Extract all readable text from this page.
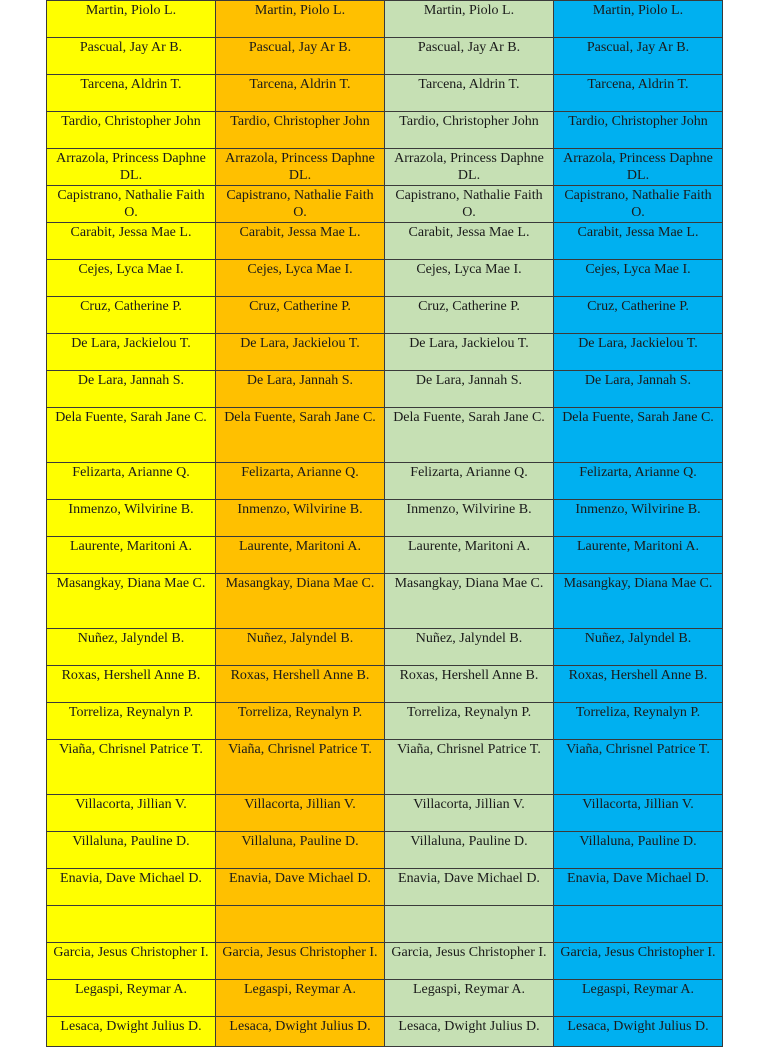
Martin, Piolo L.	Martin, Piolo L.	Martin, Piolo L.	Martin, Piolo L.
Pascual, Jay Ar B.	Pascual, Jay Ar B.	Pascual, Jay Ar B.	Pascual, Jay Ar B.
Tarcena, Aldrin T.	Tarcena, Aldrin T.	Tarcena, Aldrin T.	Tarcena, Aldrin T.
Tardio, Christopher John	Tardio, Christopher John	Tardio, Christopher John	Tardio, Christopher John
Arrazola, Princess Daphne DL.	Arrazola, Princess Daphne DL.	Arrazola, Princess Daphne DL.	Arrazola, Princess Daphne DL.
Capistrano, Nathalie Faith O.	Capistrano, Nathalie Faith O.	Capistrano, Nathalie Faith O.	Capistrano, Nathalie Faith O.
Carabit, Jessa Mae L.	Carabit, Jessa Mae L.	Carabit, Jessa Mae L.	Carabit, Jessa Mae L.
Cejes, Lyca Mae I.	Cejes, Lyca Mae I.	Cejes, Lyca Mae I.	Cejes, Lyca Mae I.
Cruz, Catherine P.	Cruz, Catherine P.	Cruz, Catherine P.	Cruz, Catherine P.
De Lara, Jackielou T.	De Lara, Jackielou T.	De Lara, Jackielou T.	De Lara, Jackielou T.
De Lara, Jannah S.	De Lara, Jannah S.	De Lara, Jannah S.	De Lara, Jannah S.
Dela Fuente, Sarah Jane C.	Dela Fuente, Sarah Jane C.	Dela Fuente, Sarah Jane C.	Dela Fuente, Sarah Jane C.
Felizarta, Arianne Q.	Felizarta, Arianne Q.	Felizarta, Arianne Q.	Felizarta, Arianne Q.
Inmenzo, Wilvirine B.	Inmenzo, Wilvirine B.	Inmenzo, Wilvirine B.	Inmenzo, Wilvirine B.
Laurente, Maritoni A.	Laurente, Maritoni A.	Laurente, Maritoni A.	Laurente, Maritoni A.
Masangkay, Diana Mae C.	Masangkay, Diana Mae C.	Masangkay, Diana Mae C.	Masangkay, Diana Mae C.
Nuñez, Jalyndel B.	Nuñez, Jalyndel B.	Nuñez, Jalyndel B.	Nuñez, Jalyndel B.
Roxas, Hershell Anne B.	Roxas, Hershell Anne B.	Roxas, Hershell Anne B.	Roxas, Hershell Anne B.
Torreliza, Reynalyn P.	Torreliza, Reynalyn P.	Torreliza, Reynalyn P.	Torreliza, Reynalyn P.
Viaña, Chrisnel Patrice T.	Viaña, Chrisnel Patrice T.	Viaña, Chrisnel Patrice T.	Viaña, Chrisnel Patrice T.
Villacorta, Jillian V.	Villacorta, Jillian V.	Villacorta, Jillian V.	Villacorta, Jillian V.
Villaluna, Pauline D.	Villaluna, Pauline D.	Villaluna, Pauline D.	Villaluna, Pauline D.
Enavia, Dave Michael D.	Enavia, Dave Michael D.	Enavia, Dave Michael D.	Enavia, Dave Michael D.

Garcia, Jesus Christopher I.	Garcia, Jesus Christopher I.	Garcia, Jesus Christopher I.	Garcia, Jesus Christopher I.
Legaspi, Reymar A.	Legaspi, Reymar A.	Legaspi, Reymar A.	Legaspi, Reymar A.
Lesaca, Dwight Julius D.	Lesaca, Dwight Julius D.	Lesaca, Dwight Julius D.	Lesaca, Dwight Julius D.
